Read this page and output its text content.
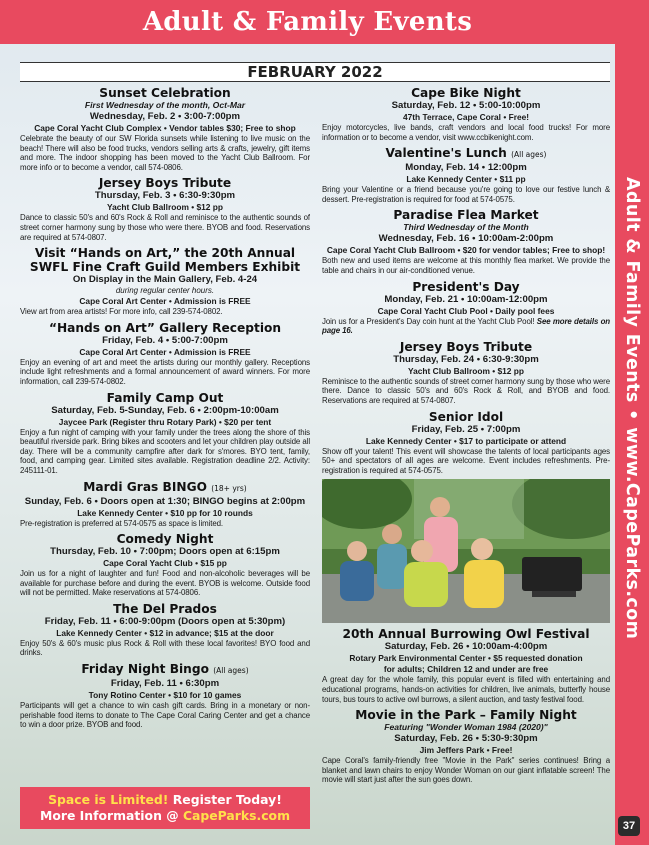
Adult & Family Events
Adult & Family Events • www.CapeParks.com
FEBRUARY 2022
Sunset Celebration
First Wednesday of the month, Oct-Mar
Wednesday, Feb. 2 • 3:00-7:00pm
Cape Coral Yacht Club Complex • Vendor tables $30; Free to shop
Celebrate the beauty of our SW Florida sunsets while listening to live music on the beach! There will also be food trucks, vendors selling arts & crafts, jewelry, gift items and more. The indoor shopping has been moved to the Yacht Club Ballroom. For more info or to become a vendor, call 574-0806.
Jersey Boys Tribute
Thursday, Feb. 3 • 6:30-9:30pm
Yacht Club Ballroom • $12 pp
Dance to classic 50's and 60's Rock & Roll and reminisce to the authentic sounds of street corner harmony sung by those who were there. BYOB and food. Reservations are required at 574-0807.
Visit “Hands on Art,” the 20th Annual
SWFL Fine Craft Guild Members Exhibit
On Display in the Main Gallery, Feb. 4-24
during regular center hours.
Cape Coral Art Center • Admission is FREE
View art from area artists! For more info, call 239-574-0802.
“Hands on Art” Gallery Reception
Friday, Feb. 4 • 5:00-7:00pm
Cape Coral Art Center • Admission is FREE
Enjoy an evening of art and meet the artists during our monthly gallery. Receptions include light refreshments and a formal announcement of award winners. For more information, call 239-574-0802.
Family Camp Out
Saturday, Feb. 5-Sunday, Feb. 6 • 2:00pm-10:00am
Jaycee Park (Register thru Rotary Park) • $20 per tent
Enjoy a fun night of camping with your family under the trees along the shore of this beautiful riverside park. Bring bikes and scooters and let your children play outside all day. There will be a community campfire after dark for s'mores. BYO tent, family, food, and camping gear. Limited sites available. Registration deadline 2/2. Activity: 245111-01.
Mardi Gras BINGO (18+ yrs)
Sunday, Feb. 6 • Doors open at 1:30; BINGO begins at 2:00pm
Lake Kennedy Center • $10 pp for 10 rounds
Pre-registration is preferred at 574-0575 as space is limited.
Comedy Night
Thursday, Feb. 10 • 7:00pm; Doors open at 6:15pm
Cape Coral Yacht Club • $15 pp
Join us for a night of laughter and fun! Food and non-alcoholic beverages will be available for purchase before and during the event. BYOB is welcome. Outside food will not be permitted. Make reservations at 574-0806.
The Del Prados
Friday, Feb. 11 • 6:00-9:00pm (Doors open at 5:30pm)
Lake Kennedy Center • $12 in advance; $15 at the door
Enjoy 50's & 60's music plus Rock & Roll with these local favorites! BYO food and drinks.
Friday Night Bingo (All ages)
Friday, Feb. 11 • 6:30pm
Tony Rotino Center • $10 for 10 games
Participants will get a chance to win cash gift cards. Bring in a monetary or non-perishable food items to donate to The Cape Coral Caring Center and get a chance to win a door prize. BYOB and food.
Cape Bike Night
Saturday, Feb. 12 • 5:00-10:00pm
47th Terrace, Cape Coral • Free!
Enjoy motorcycles, live bands, craft vendors and local food trucks! For more information or to become a vendor, visit www.ccbikenight.com.
Valentine's Lunch (All ages)
Monday, Feb. 14 • 12:00pm
Lake Kennedy Center • $11 pp
Bring your Valentine or a friend because you're going to love our festive lunch & dessert. Pre-registration is required for food at 574-0575.
Paradise Flea Market
Third Wednesday of the Month
Wednesday, Feb. 16 • 10:00am-2:00pm
Cape Coral Yacht Club Ballroom • $20 for vendor tables; Free to shop!
Both new and used items are welcome at this monthly flea market. We provide the table and chairs in our air-conditioned venue.
President's Day
Monday, Feb. 21 • 10:00am-12:00pm
Cape Coral Yacht Club Pool • Daily pool fees
Join us for a President's Day coin hunt at the Yacht Club Pool! See more details on page 16.
Jersey Boys Tribute
Thursday, Feb. 24 • 6:30-9:30pm
Yacht Club Ballroom • $12 pp
Reminisce to the authentic sounds of street corner harmony sung by those who were there. Dance to classic 50's and 60's Rock & Roll, and BYOB and food. Reservations are required at 574-0807.
Senior Idol
Friday, Feb. 25 • 7:00pm
Lake Kennedy Center • $17 to participate or attend
Show off your talent! This event will showcase the talents of local participants ages 50+ and spectators of all ages are welcome. Event includes refreshments. Pre-registration is required at 574-0575.
20th Annual Burrowing Owl Festival
Saturday, Feb. 26 • 10:00am-4:00pm
Rotary Park Environmental Center • $5 requested donation
for adults; Children 12 and under are free
A great day for the whole family, this popular event is filled with entertaining and educational programs, hands-on activities for children, live animals, butterfly house tours, bus tours to active owl burrows, a silent auction, and tasty festival food.
Movie in the Park – Family Night
Featuring "Wonder Woman 1984 (2020)"
Saturday, Feb. 26 • 5:30-9:30pm
Jim Jeffers Park • Free!
Cape Coral's family-friendly free "Movie in the Park" series continues! Bring a blanket and lawn chairs to enjoy Wonder Woman on our giant inflatable screen! The movie will start just after the sun goes down.
Space is Limited! Register Today!
More Information @ CapeParks.com
37
